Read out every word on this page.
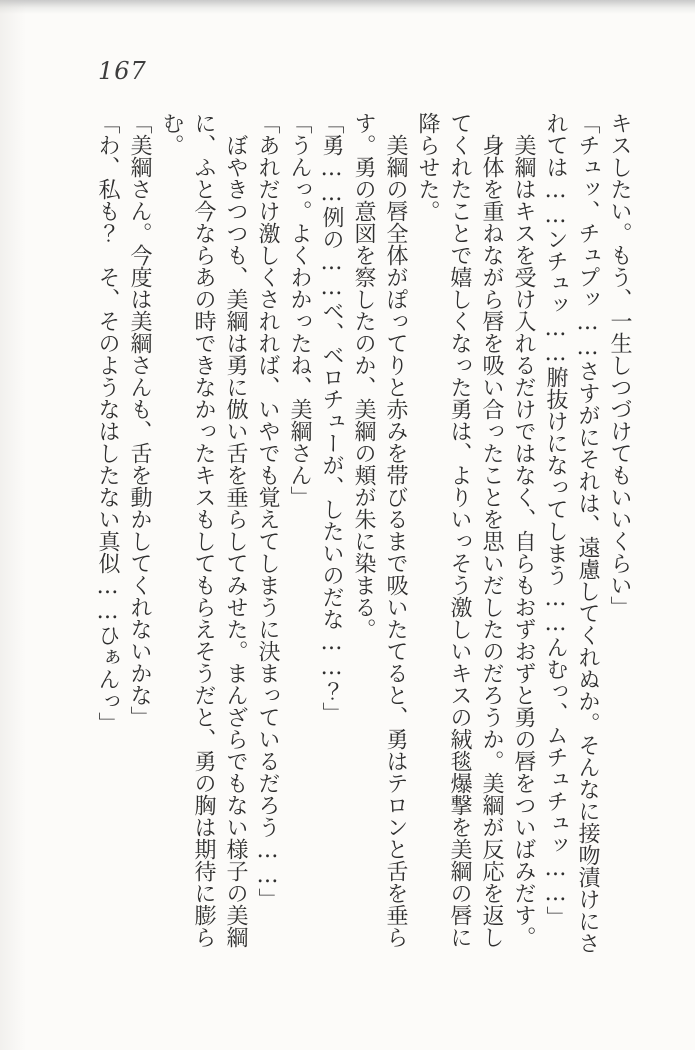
167

キスしたい。もう、一生しつづけてもいいくらい」

「チュッ、チュプッ……さすがにそれは、遠慮してくれぬか。そんなに接吻漬けにされては……ンチュッ……腑抜けになってしまう……んむっ、ムチュチュッ……」

美綱はキスを受け入れるだけではなく、自らもおずおずと勇の唇をついばみだす。

身体を重ねながら唇を吸い合ったことを思いだしたのだろうか。美綱が反応を返してくれたことで嬉しくなった勇は、よりいっそう激しいキスの絨毯爆撃を美綱の唇に降らせた。

美綱の唇全体がぽってりと赤みを帯びるまで吸いたてると、勇はテロンと舌を垂らす。勇の意図を察したのか、美綱の頬が朱に染まる。

「勇……例の……ベ、ベロチューが、したいのだな……？」

「うんっ。よくわかったね、美綱さん」

「あれだけ激しくされれば、いやでも覚えてしまうに決まっているだろう……」

ぼやきつつも、美綱は勇に倣い舌を垂らしてみせた。まんざらでもない様子の美綱に、ふと今ならあの時できなかったキスもしてもらえそうだと、勇の胸は期待に膨らむ。

「美綱さん。今度は美綱さんも、舌を動かしてくれないかな」

「わ、私も？　そ、そのようなはしたない真似……ひぁんっ」
